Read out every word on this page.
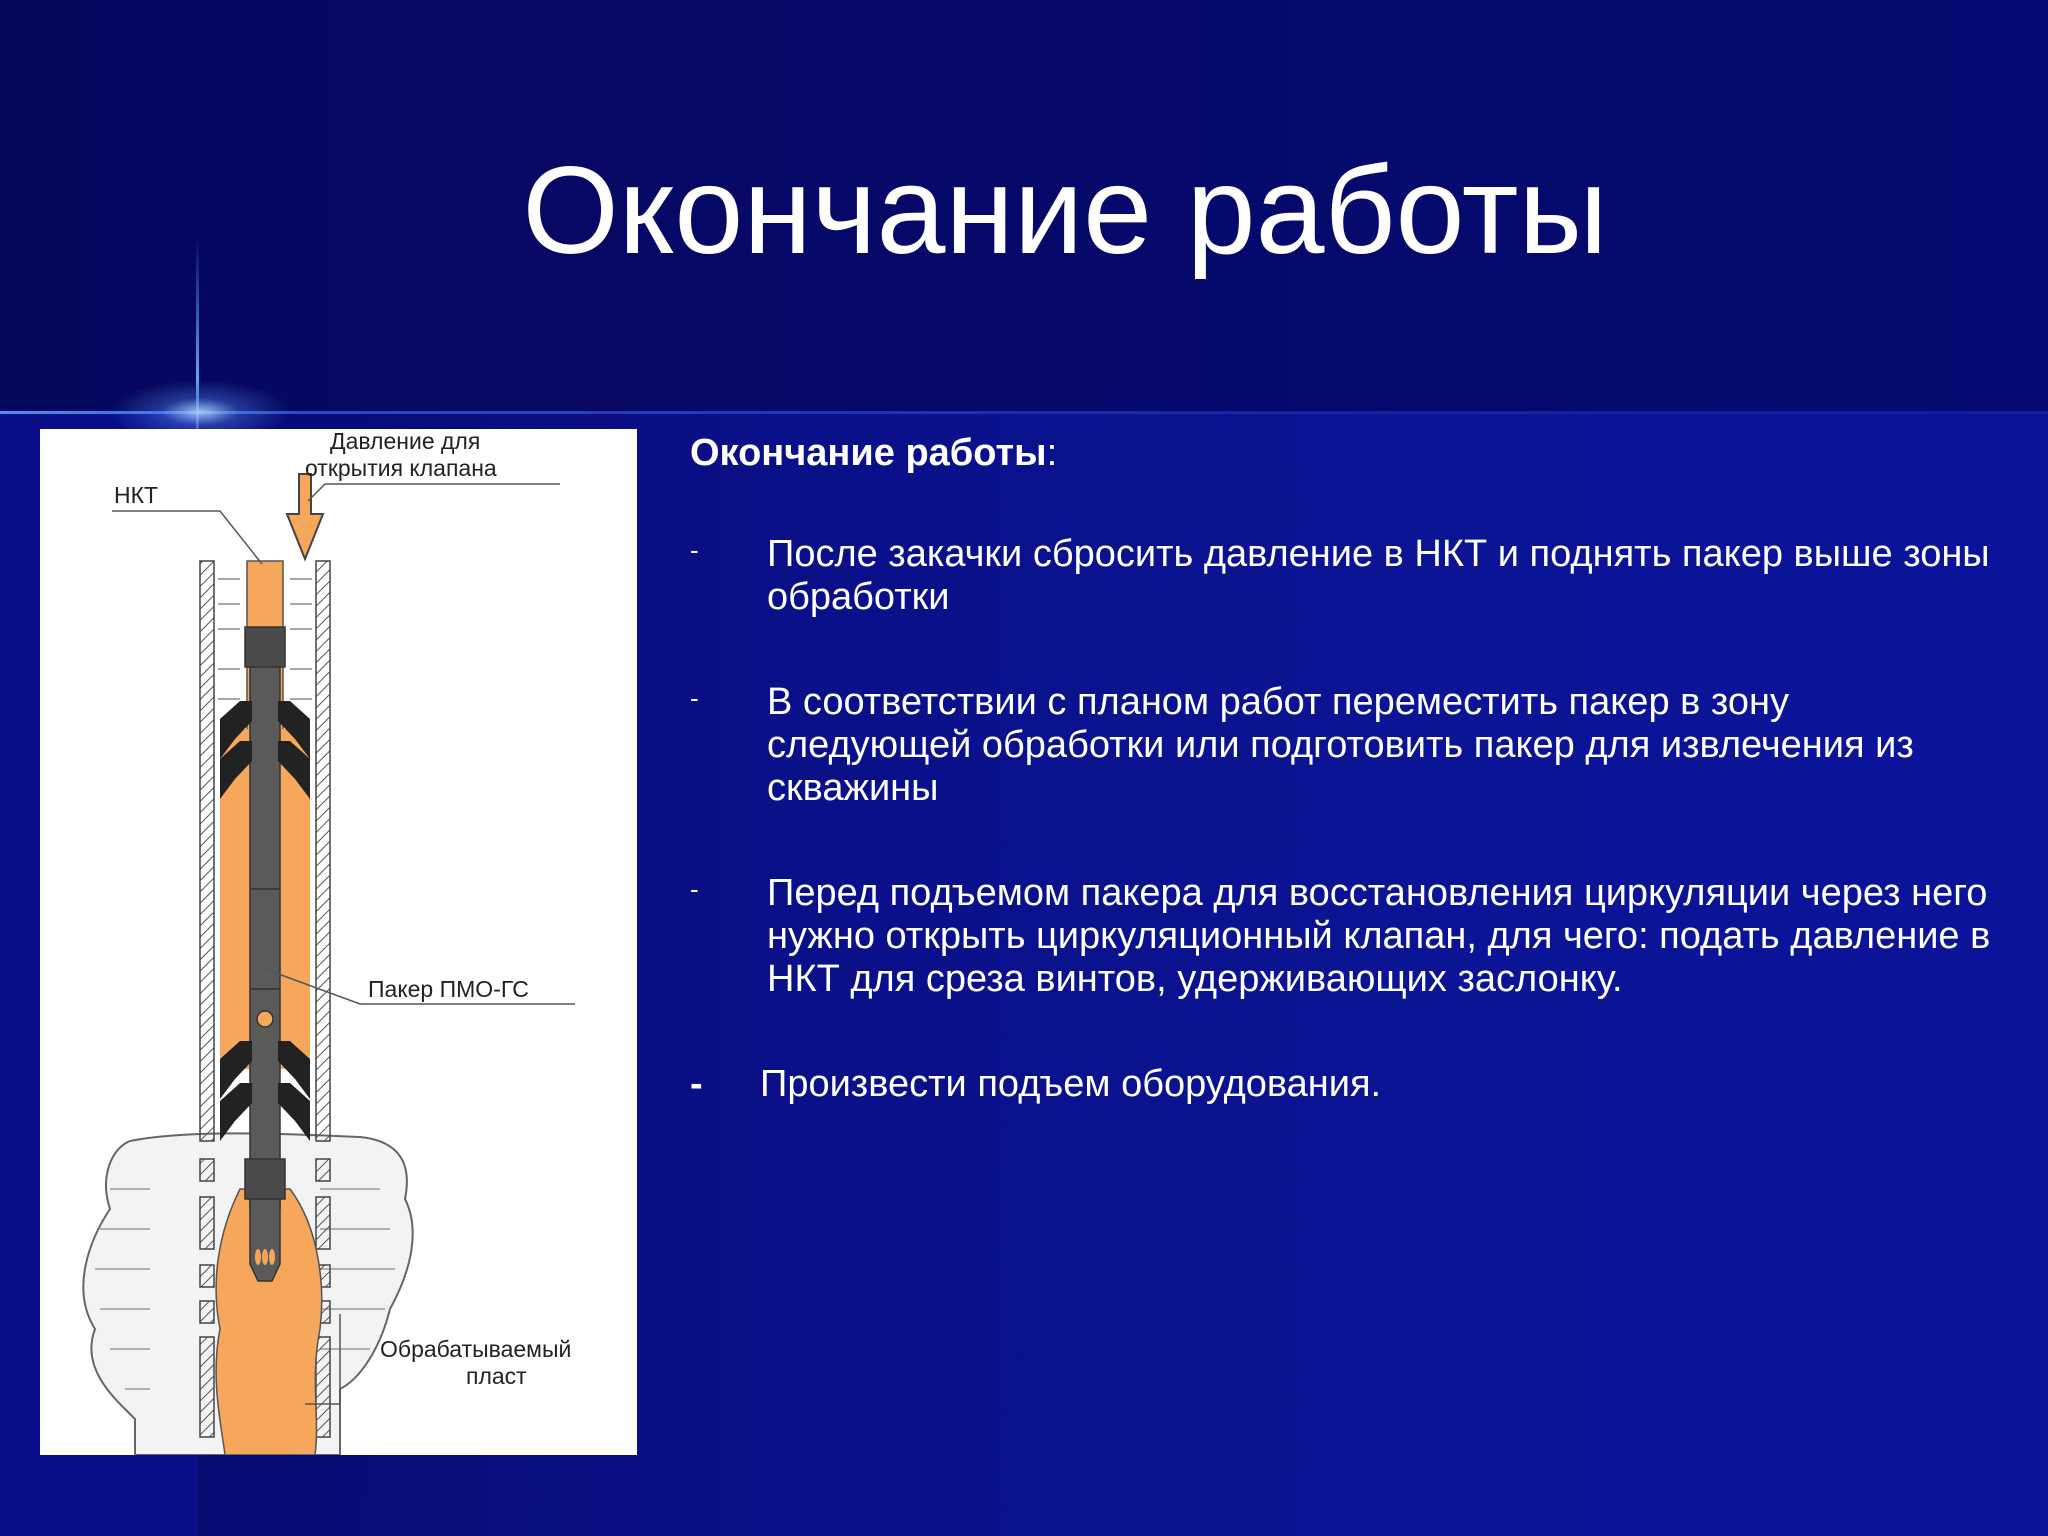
Окончание работы
Давление для
открытия клапана
НКТ
Пакер ПМО-ГС
Обрабатываемый
пласт

Окончание работы:

- После закачки сбросить давление в НКТ и поднять пакер выше зоны обработки
- В соответствии с планом работ переместить пакер в зону следующей обработки или подготовить пакер для извлечения из скважины
- Перед подъемом пакера для восстановления циркуляции через него нужно открыть циркуляционный клапан, для чего: подать давление в НКТ для среза винтов, удерживающих заслонку.
- Произвести подъем оборудования.
